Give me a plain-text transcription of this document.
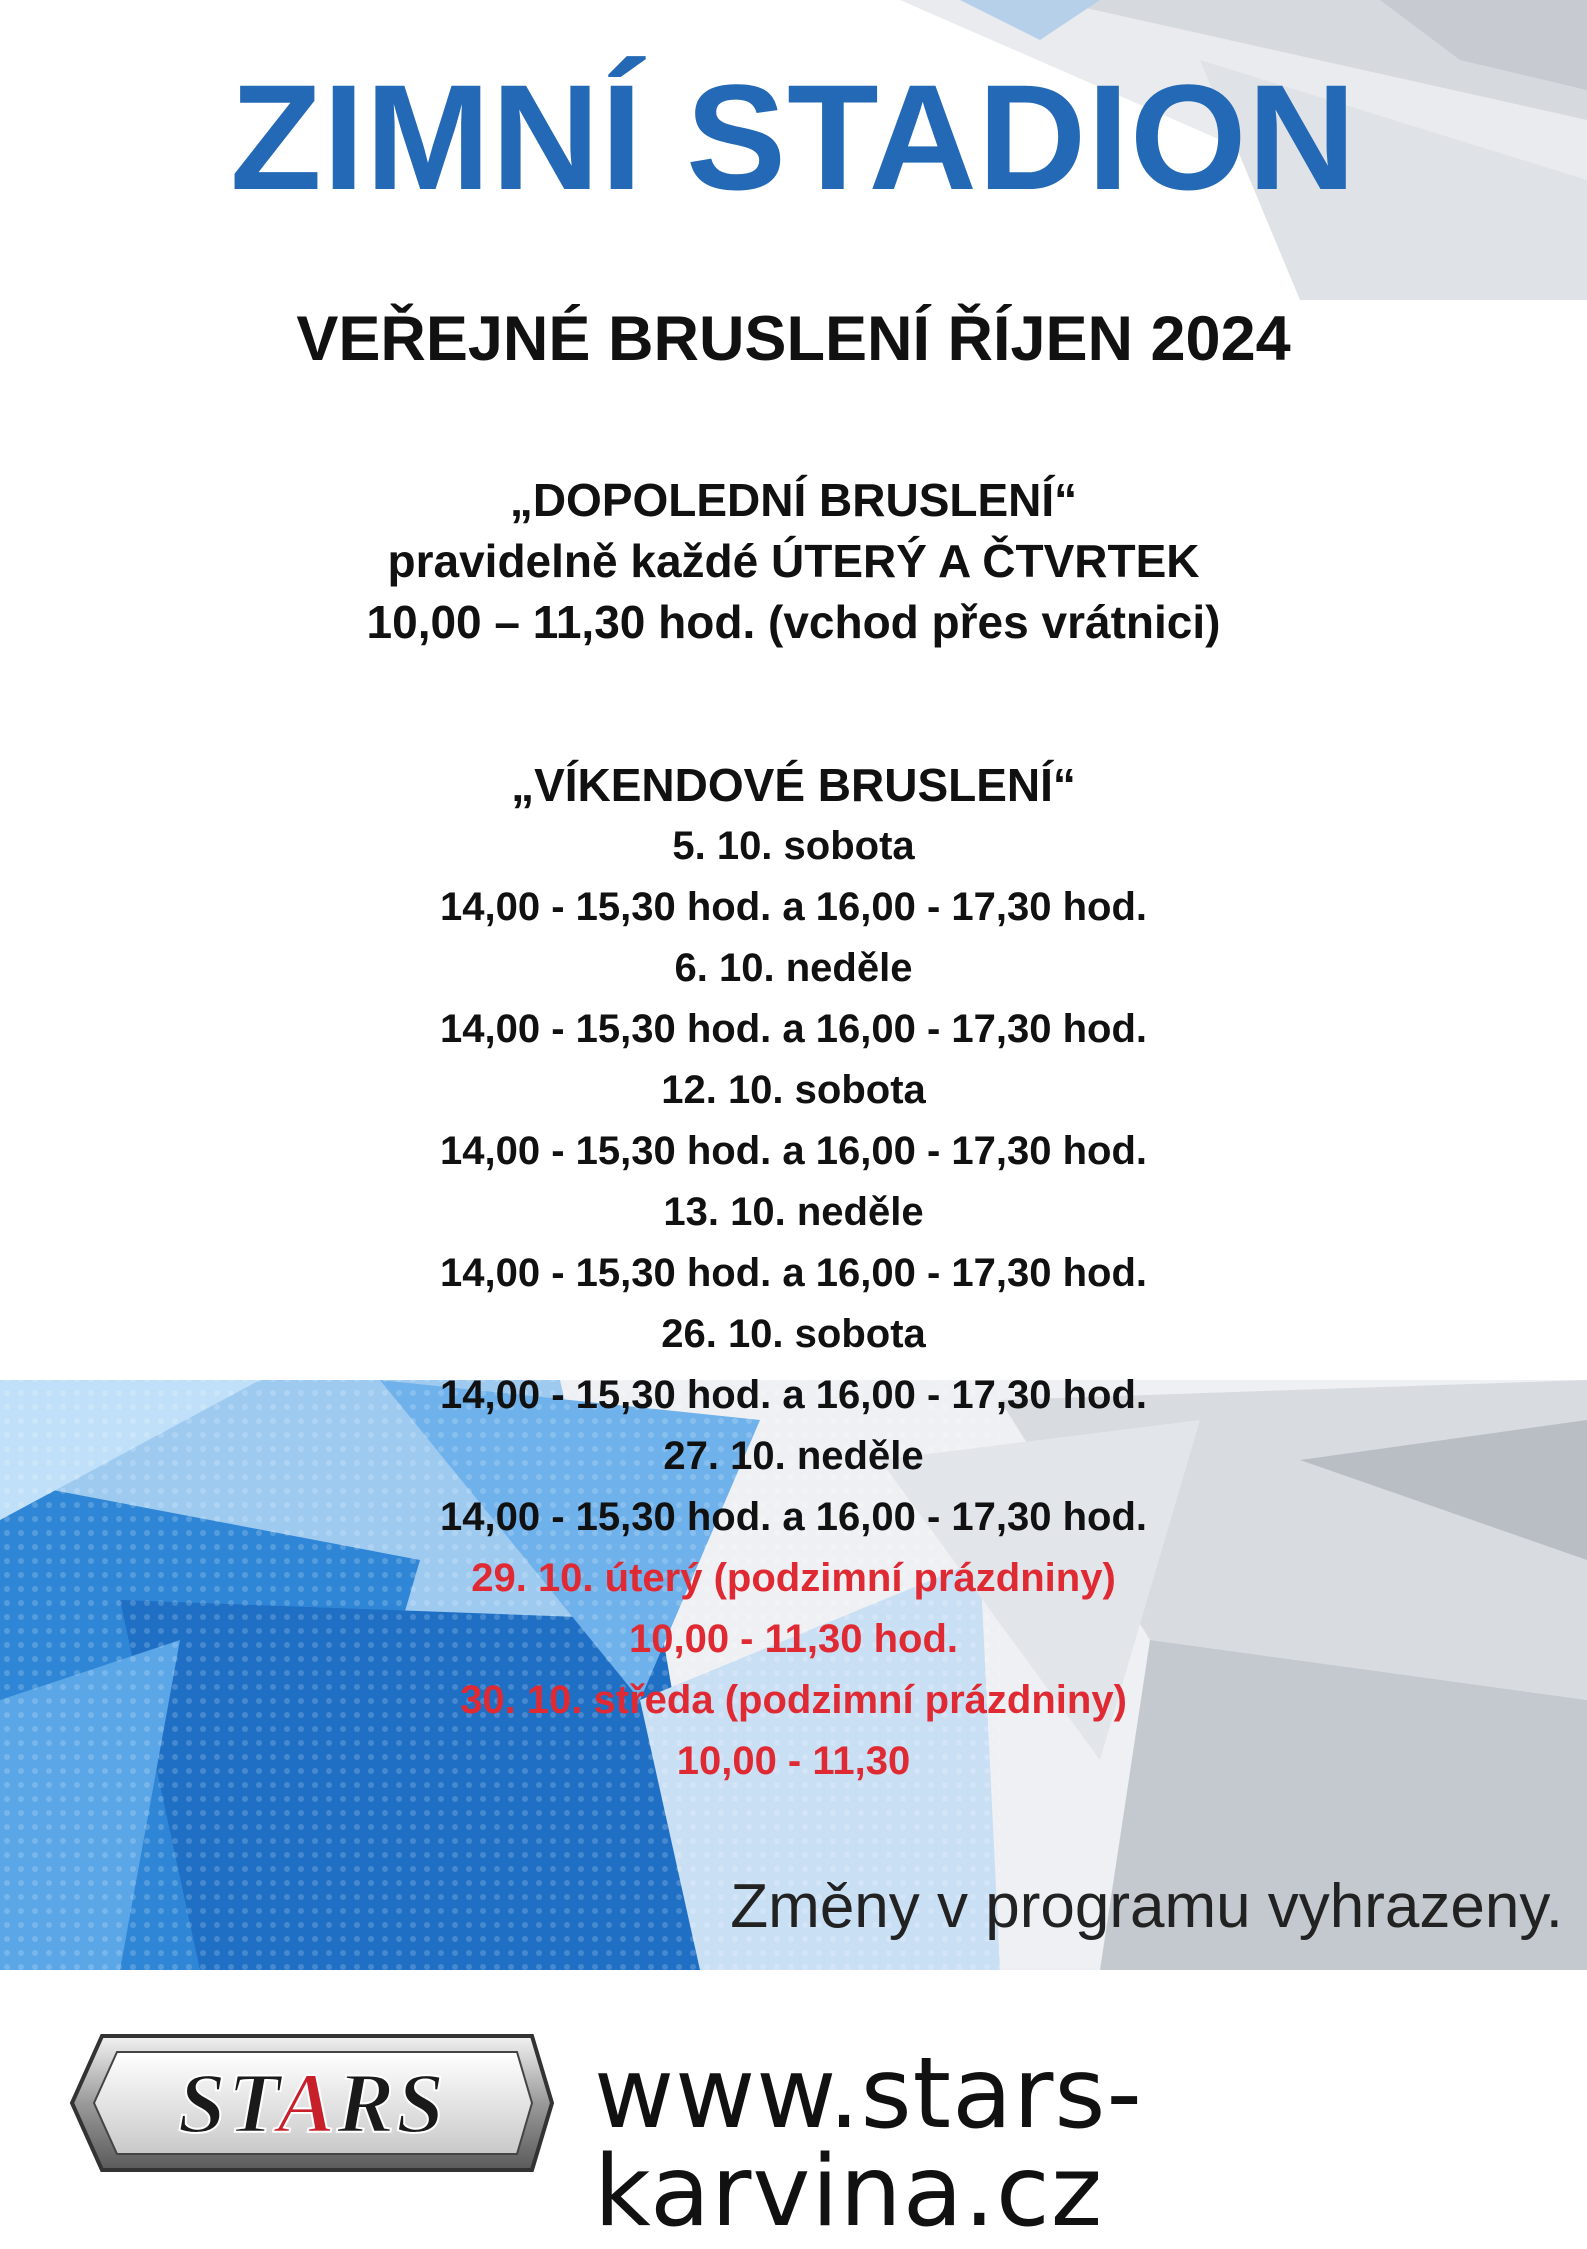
ZIMNÍ STADION
VEŘEJNÉ BRUSLENÍ ŘÍJEN 2024
„DOPOLEDNÍ BRUSLENÍ“
pravidelně každé ÚTERÝ A ČTVRTEK
10,00 – 11,30 hod. (vchod přes vrátnici)
„VÍKENDOVÉ BRUSLENÍ“
5. 10. sobota
14,00 - 15,30 hod. a 16,00 - 17,30 hod.
6. 10. neděle
14,00 - 15,30 hod. a 16,00 - 17,30 hod.
12. 10. sobota
14,00 - 15,30 hod. a 16,00 - 17,30 hod.
13. 10. neděle
14,00 - 15,30 hod. a 16,00 - 17,30 hod.
26. 10. sobota
14,00 - 15,30 hod. a 16,00 - 17,30 hod.
27. 10. neděle
14,00 - 15,30 hod. a 16,00 - 17,30 hod.
29. 10. úterý (podzimní prázdniny)
10,00 - 11,30 hod.
30. 10. středa (podzimní prázdniny)
10,00 - 11,30
Změny v programu vyhrazeny.
STARS www.stars-karvina.cz
